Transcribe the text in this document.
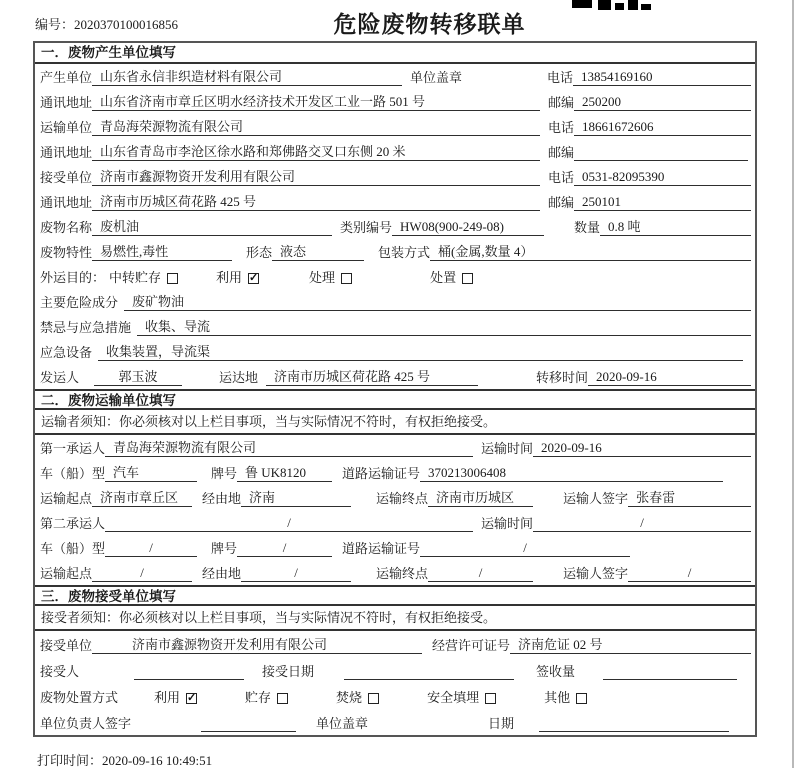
编号：2020370100016856	危险废物转移联单
一．废物产生单位填写
产生单位 山东省永信非织造材料有限公司	单位盖章	电话 13854169160
通讯地址 山东省济南市章丘区明水经济技术开发区工业一路 501 号	邮编 250200
运输单位 青岛海荣源物流有限公司	电话 18661672606
通讯地址 山东省青岛市李沧区徐水路和郑佛路交叉口东侧 20 米	邮编
接受单位 济南市鑫源物资开发利用有限公司	电话 0531-82095390
通讯地址 济南市历城区荷花路 425 号	邮编 250101
废物名称 废机油	类别编号 HW08(900-249-08)	数量 0.8 吨
废物特性 易燃性,毒性	形态 液态	包装方式 桶(金属,数量 4）
外运目的： 中转贮存	利用 ✓	处理	处置
主要危险成分	废矿物油
禁忌与应急措施	收集、导流
应急设备	收集装置，导流渠
发运人	郭玉波	运达地	济南市历城区荷花路 425 号	转移时间 2020-09-16
二．废物运输单位填写
运输者须知：你必须核对以上栏目事项，当与实际情况不符时，有权拒绝接受。
第一承运人 青岛海荣源物流有限公司	运输时间 2020-09-16
车（船）型 汽车	牌号 鲁 UK8120	道路运输证号 370213006408
运输起点 济南市章丘区	经由地 济南	运输终点 济南市历城区	运输人签字 张春雷
第二承运人	/	运输时间	/
车（船）型	/	牌号	/	道路运输证号	/
运输起点	/	经由地	/	运输终点	/	运输人签字	/
三．废物接受单位填写
接受者须知：你必须核对以上栏目事项，当与实际情况不符时，有权拒绝接受。
接受单位	济南市鑫源物资开发利用有限公司	经营许可证号 济南危证 02 号
接受人	接受日期	签收量
废物处置方式	利用 ✓	贮存	焚烧	安全填埋	其他
单位负责人签字	单位盖章	日期
打印时间：2020-09-16 10:49:51
